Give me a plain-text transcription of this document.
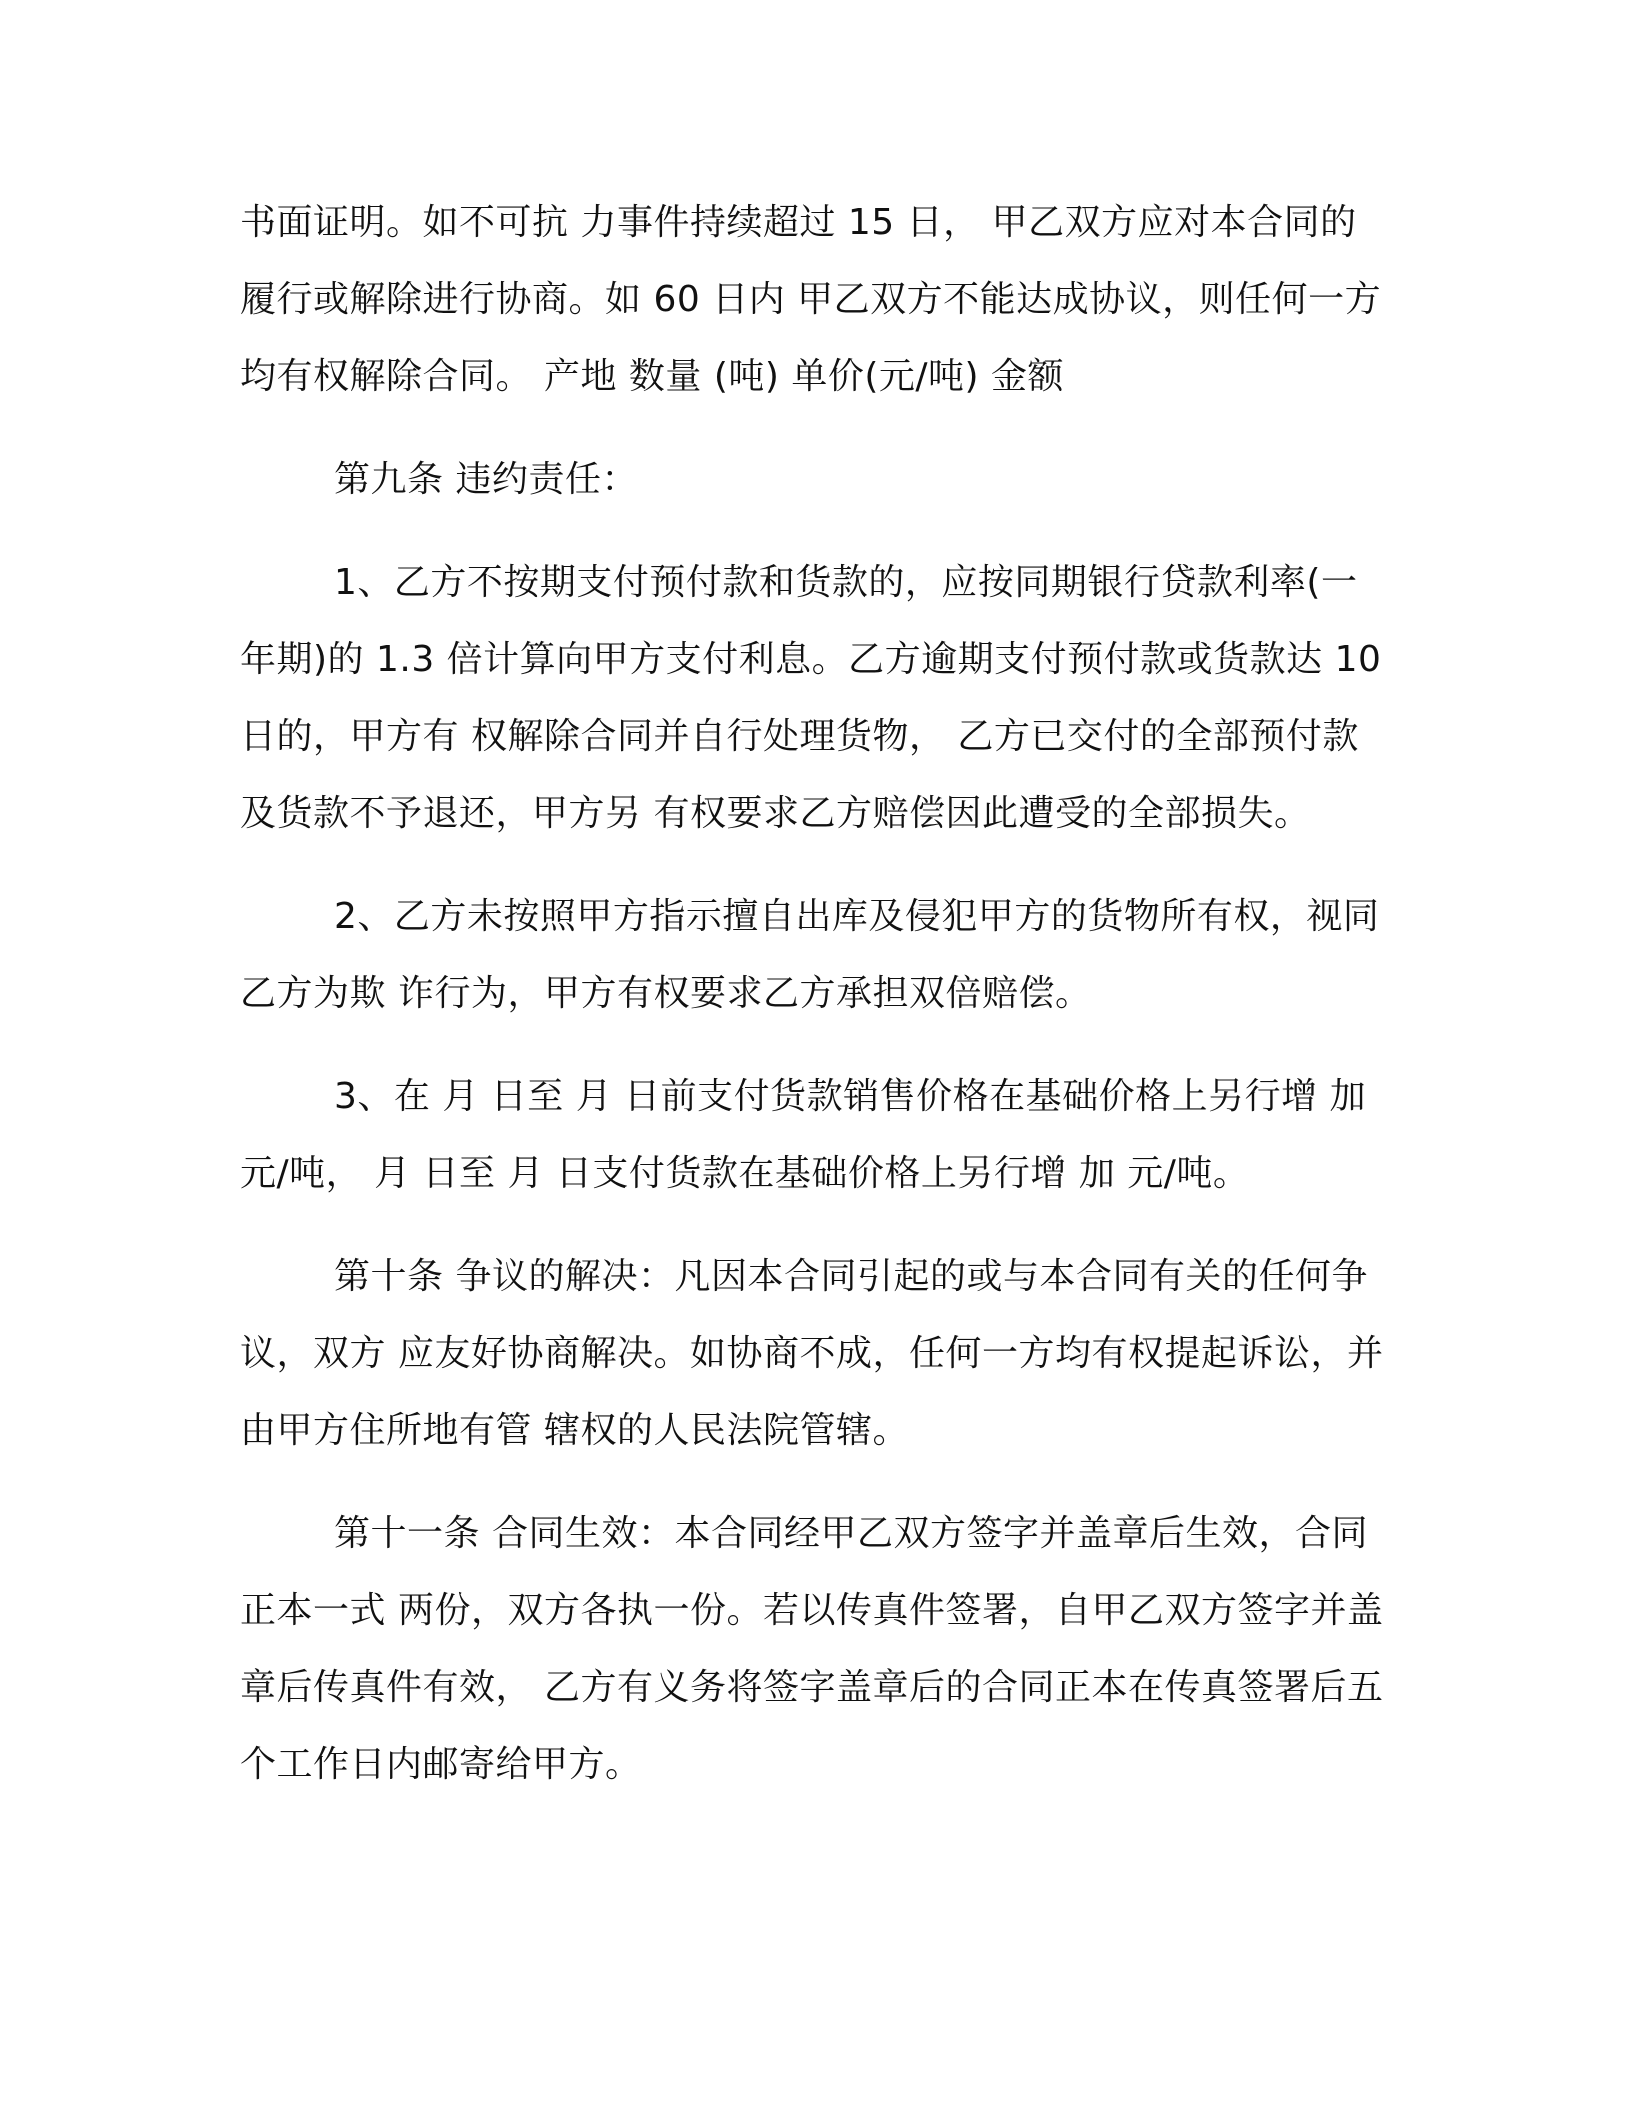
书面证明。如不可抗 力事件持续超过 15 日， 甲乙双方应对本合同的履行或解除进行协商。如 60 日内 甲乙双方不能达成协议，则任何一方均有权解除合同。 产地 数量 (吨) 单价(元/吨) 金额

第九条 违约责任：

1、乙方不按期支付预付款和货款的，应按同期银行贷款利率(一年期)的 1.3 倍计算向甲方支付利息。乙方逾期支付预付款或货款达 10 日的，甲方有 权解除合同并自行处理货物， 乙方已交付的全部预付款及货款不予退还，甲方另 有权要求乙方赔偿因此遭受的全部损失。

2、乙方未按照甲方指示擅自出库及侵犯甲方的货物所有权，视同乙方为欺 诈行为，甲方有权要求乙方承担双倍赔偿。

3、在 月 日至 月 日前支付货款销售价格在基础价格上另行增 加 元/吨， 月 日至 月 日支付货款在基础价格上另行增 加 元/吨。

第十条 争议的解决：凡因本合同引起的或与本合同有关的任何争议，双方 应友好协商解决。如协商不成，任何一方均有权提起诉讼，并由甲方住所地有管 辖权的人民法院管辖。

第十一条 合同生效：本合同经甲乙双方签字并盖章后生效，合同正本一式 两份，双方各执一份。若以传真件签署，自甲乙双方签字并盖章后传真件有效， 乙方有义务将签字盖章后的合同正本在传真签署后五个工作日内邮寄给甲方。
